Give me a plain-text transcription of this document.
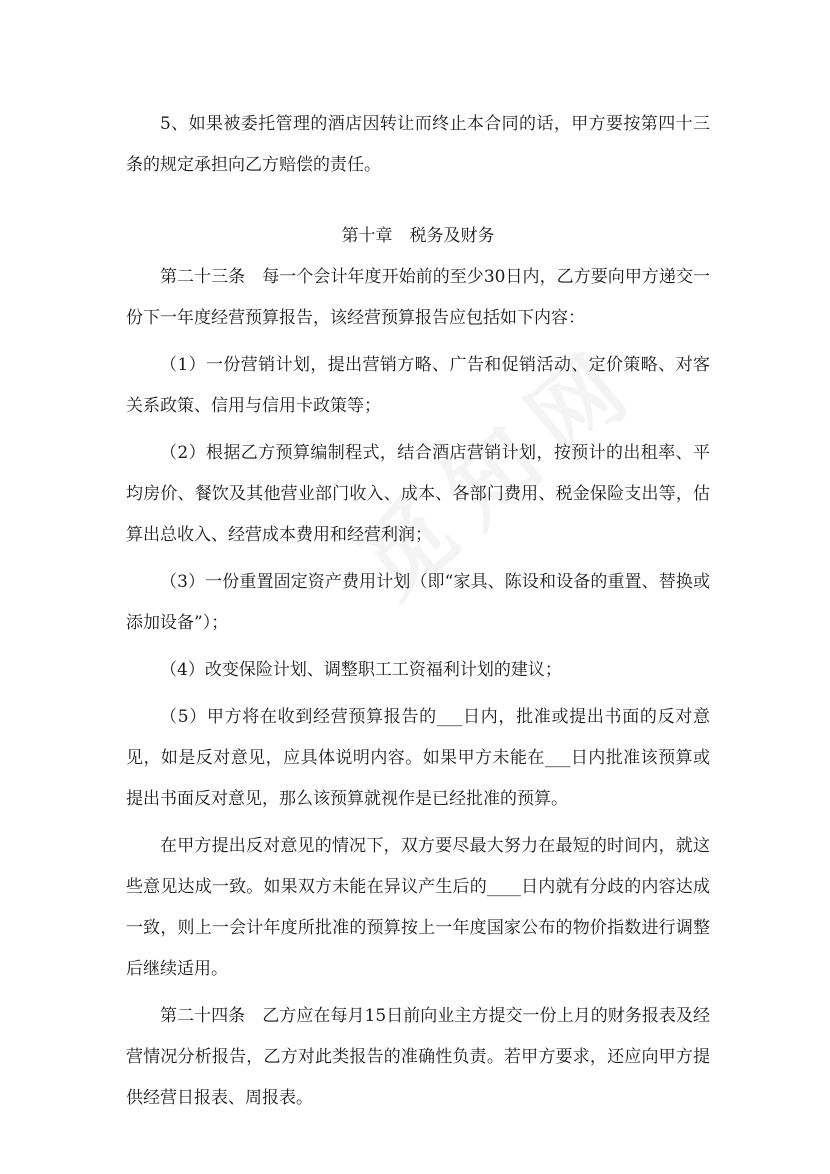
5、如果被委托管理的酒店因转让而终止本合同的话，甲方要按第四十三条的规定承担向乙方赔偿的责任。

第十章　税务及财务

第二十三条　每一个会计年度开始前的至少30日内，乙方要向甲方递交一份下一年度经营预算报告，该经营预算报告应包括如下内容：

（1）一份营销计划，提出营销方略、广告和促销活动、定价策略、对客关系政策、信用与信用卡政策等；

（2）根据乙方预算编制程式，结合酒店营销计划，按预计的出租率、平均房价、餐饮及其他营业部门收入、成本、各部门费用、税金保险支出等，估算出总收入、经营成本费用和经营利润；

（3）一份重置固定资产费用计划（即“家具、陈设和设备的重置、替换或添加设备”）；

（4）改变保险计划、调整职工工资福利计划的建议；

（5）甲方将在收到经营预算报告的___日内，批准或提出书面的反对意见，如是反对意见，应具体说明内容。如果甲方未能在___日内批准该预算或提出书面反对意见，那么该预算就视作是已经批准的预算。

在甲方提出反对意见的情况下，双方要尽最大努力在最短的时间内，就这些意见达成一致。如果双方未能在异议产生后的____日内就有分歧的内容达成一致，则上一会计年度所批准的预算按上一年度国家公布的物价指数进行调整后继续适用。

第二十四条　乙方应在每月15日前向业主方提交一份上月的财务报表及经营情况分析报告，乙方对此类报告的准确性负责。若甲方要求，还应向甲方提供经营日报表、周报表。
